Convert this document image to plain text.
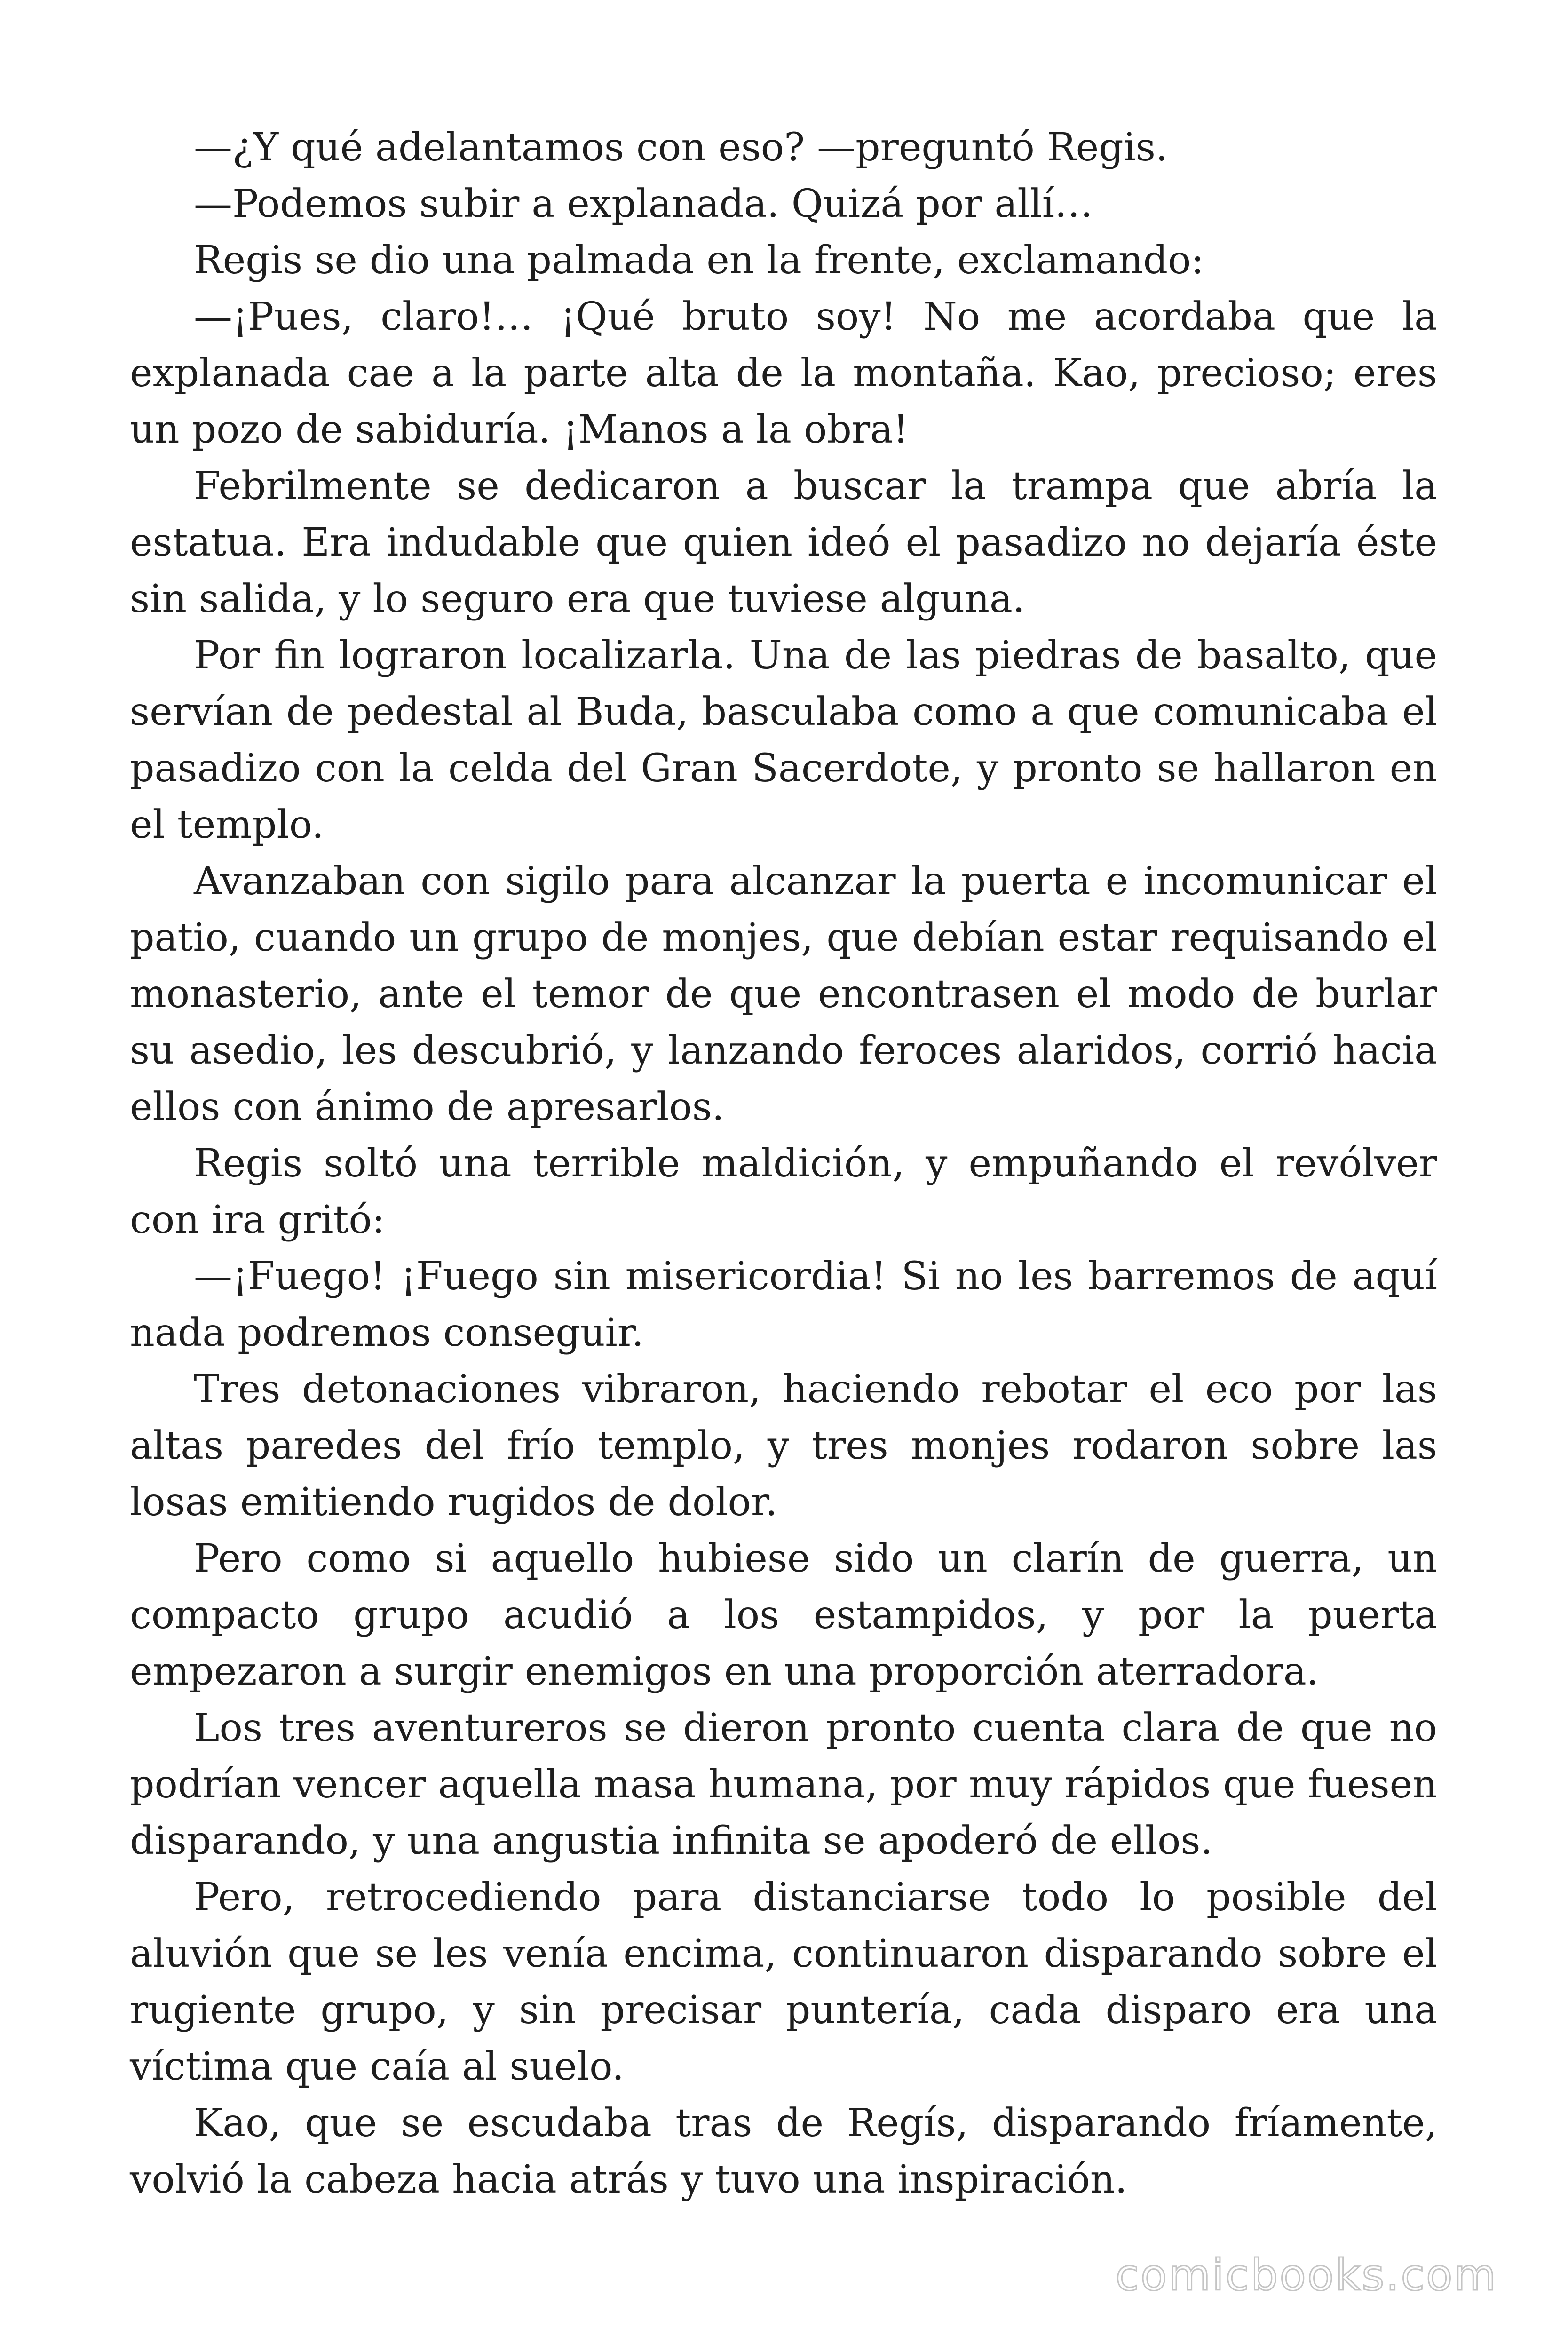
—¿Y qué adelantamos con eso? —preguntó Regis.

—Podemos subir a explanada. Quizá por allí…

Regis se dio una palmada en la frente, exclamando:

—¡Pues, claro!… ¡Qué bruto soy! No me acordaba que la explanada cae a la parte alta de la montaña. Kao, precioso; eres un pozo de sabiduría. ¡Manos a la obra!

Febrilmente se dedicaron a buscar la trampa que abría la estatua. Era indudable que quien ideó el pasadizo no dejaría éste sin salida, y lo seguro era que tuviese alguna.

Por fin lograron localizarla. Una de las piedras de basalto, que servían de pedestal al Buda, basculaba como a que comunicaba el pasadizo con la celda del Gran Sacerdote, y pronto se hallaron en el templo.

Avanzaban con sigilo para alcanzar la puerta e incomunicar el patio, cuando un grupo de monjes, que debían estar requisando el monasterio, ante el temor de que encontrasen el modo de burlar su asedio, les descubrió, y lanzando feroces alaridos, corrió hacia ellos con ánimo de apresarlos.

Regis soltó una terrible maldición, y empuñando el revólver con ira gritó:

—¡Fuego! ¡Fuego sin misericordia! Si no les barremos de aquí nada podremos conseguir.

Tres detonaciones vibraron, haciendo rebotar el eco por las altas paredes del frío templo, y tres monjes rodaron sobre las losas emitiendo rugidos de dolor.

Pero como si aquello hubiese sido un clarín de guerra, un compacto grupo acudió a los estampidos, y por la puerta empezaron a surgir enemigos en una proporción aterradora.

Los tres aventureros se dieron pronto cuenta clara de que no podrían vencer aquella masa humana, por muy rápidos que fuesen disparando, y una angustia infinita se apoderó de ellos.

Pero, retrocediendo para distanciarse todo lo posible del aluvión que se les venía encima, continuaron disparando sobre el rugiente grupo, y sin precisar puntería, cada disparo era una víctima que caía al suelo.

Kao, que se escudaba tras de Regís, disparando fríamente, volvió la cabeza hacia atrás y tuvo una inspiración.

comicbooks.com
